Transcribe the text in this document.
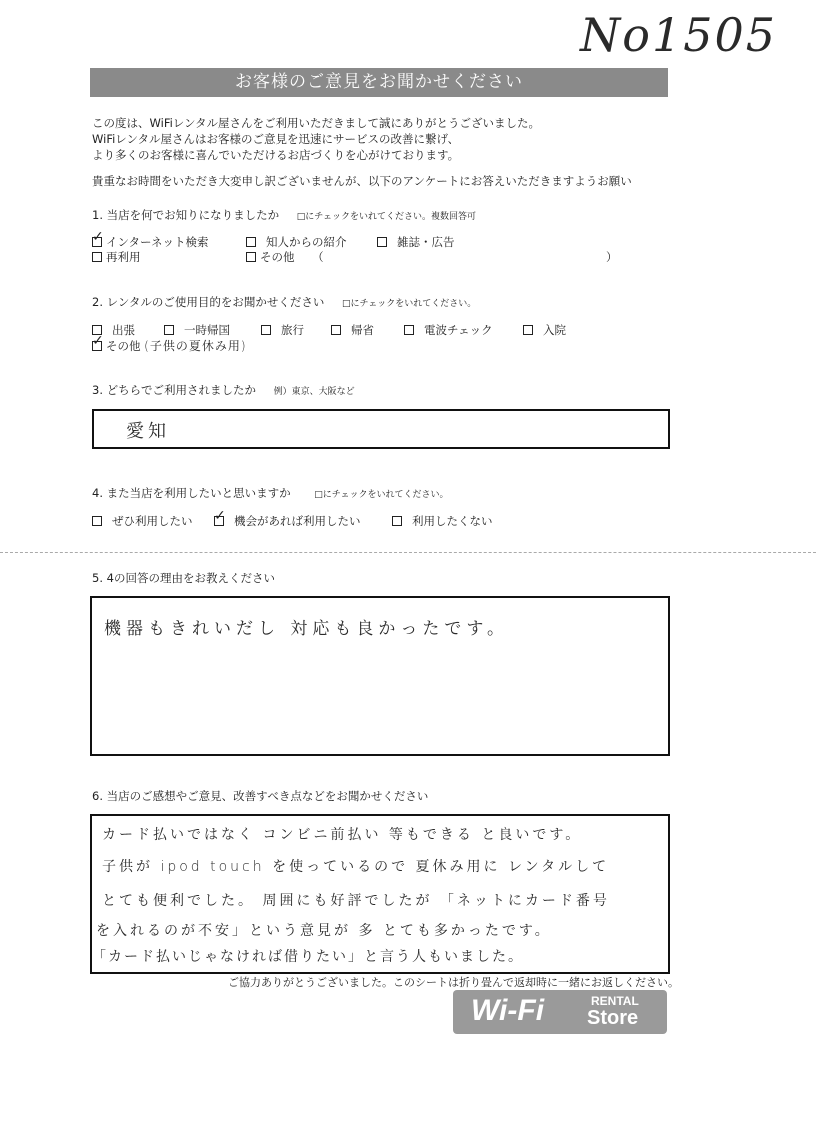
No1505
お客様のご意見をお聞かせください
この度は、WiFiレンタル屋さんをご利用いただきまして誠にありがとうございました。
WiFiレンタル屋さんはお客様のご意見を迅速にサービスの改善に繋げ、
より多くのお客様に喜んでいただけるお店づくりを心がけております。
貴重なお時間をいただき大変申し訳ございませんが、以下のアンケートにお答えいただきますようお願い
1. 当店を何でお知りになりましたか □にチェックをいれてください。複数回答可
✓インターネット検索	知人からの紹介	雑誌・広告
再利用	その他 （	）
2. レンタルのご使用目的をお聞かせください □にチェックをいれてください。
出張	一時帰国	旅行	帰省	電波チェック	入院
✓その他 (子供の夏休み用)
3. どちらでご利用されましたか 例）東京、大阪など
愛知
4. また当店を利用したいと思いますか	□にチェックをいれてください。
ぜひ利用したい
✓	機会があれば利用したい	利用したくない
5. 4の回答の理由をお教えください
機器もきれいだし 対応も良かったです。
6. 当店のご感想やご意見、改善すべき点などをお聞かせください
カード払いではなく コンビニ前払い 等もできる と良いです。
子供が ipod touch を使っているので 夏休み用に レンタルして
とても便利でした。 周囲にも好評でしたが 「ネットにカード番号
を入れるのが不安」という意見が 多 とても多かったです。
「カード払いじゃなければ借りたい」と言う人もいました。
ご協力ありがとうございました。このシートは折り畳んで返却時に一緒にお返しください。
Wi-Fi	RENTAL
Store
